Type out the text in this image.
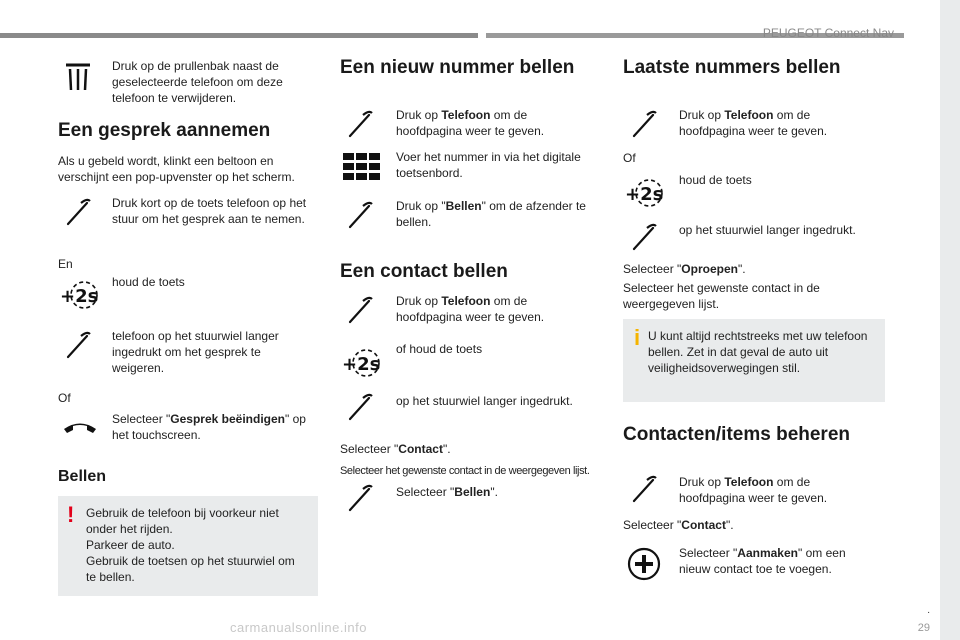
PEUGEOT Connect Nav
Druk op de prullenbak naast de geselecteerde telefoon om deze telefoon te verwijderen.
Een gesprek aannemen
Als u gebeld wordt, klinkt een beltoon en verschijnt een pop-upvenster op het scherm.
Druk kort op de toets telefoon op het stuur om het gesprek aan te nemen.
En
+2s
houd de toets
telefoon op het stuurwiel langer ingedrukt om het gesprek te weigeren.
Of
Selecteer "Gesprek beëindigen" op het touchscreen.
Bellen
! Gebruik de telefoon bij voorkeur niet onder het rijden.
Parkeer de auto.
Gebruik de toetsen op het stuurwiel om te bellen.
Een nieuw nummer bellen
Druk op Telefoon om de hoofdpagina weer te geven.
Voer het nummer in via het digitale toetsenbord.
Druk op "Bellen" om de afzender te bellen.
Een contact bellen
Druk op Telefoon om de hoofdpagina weer te geven.
+2s
of houd de toets
op het stuurwiel langer ingedrukt.
Selecteer "Contact".
Selecteer het gewenste contact in de weergegeven lijst.
Selecteer "Bellen".
Laatste nummers bellen
Druk op Telefoon om de hoofdpagina weer te geven.
Of
+2s
houd de toets
op het stuurwiel langer ingedrukt.
Selecteer "Oproepen".
Selecteer het gewenste contact in de weergegeven lijst.
i U kunt altijd rechtstreeks met uw telefoon bellen. Zet in dat geval de auto uit veiligheidsoverwegingen stil.
Contacten/items beheren
Druk op Telefoon om de hoofdpagina weer te geven.
Selecteer "Contact".
Selecteer "Aanmaken" om een nieuw contact toe te voegen.
.
29
carmanualsonline.info
